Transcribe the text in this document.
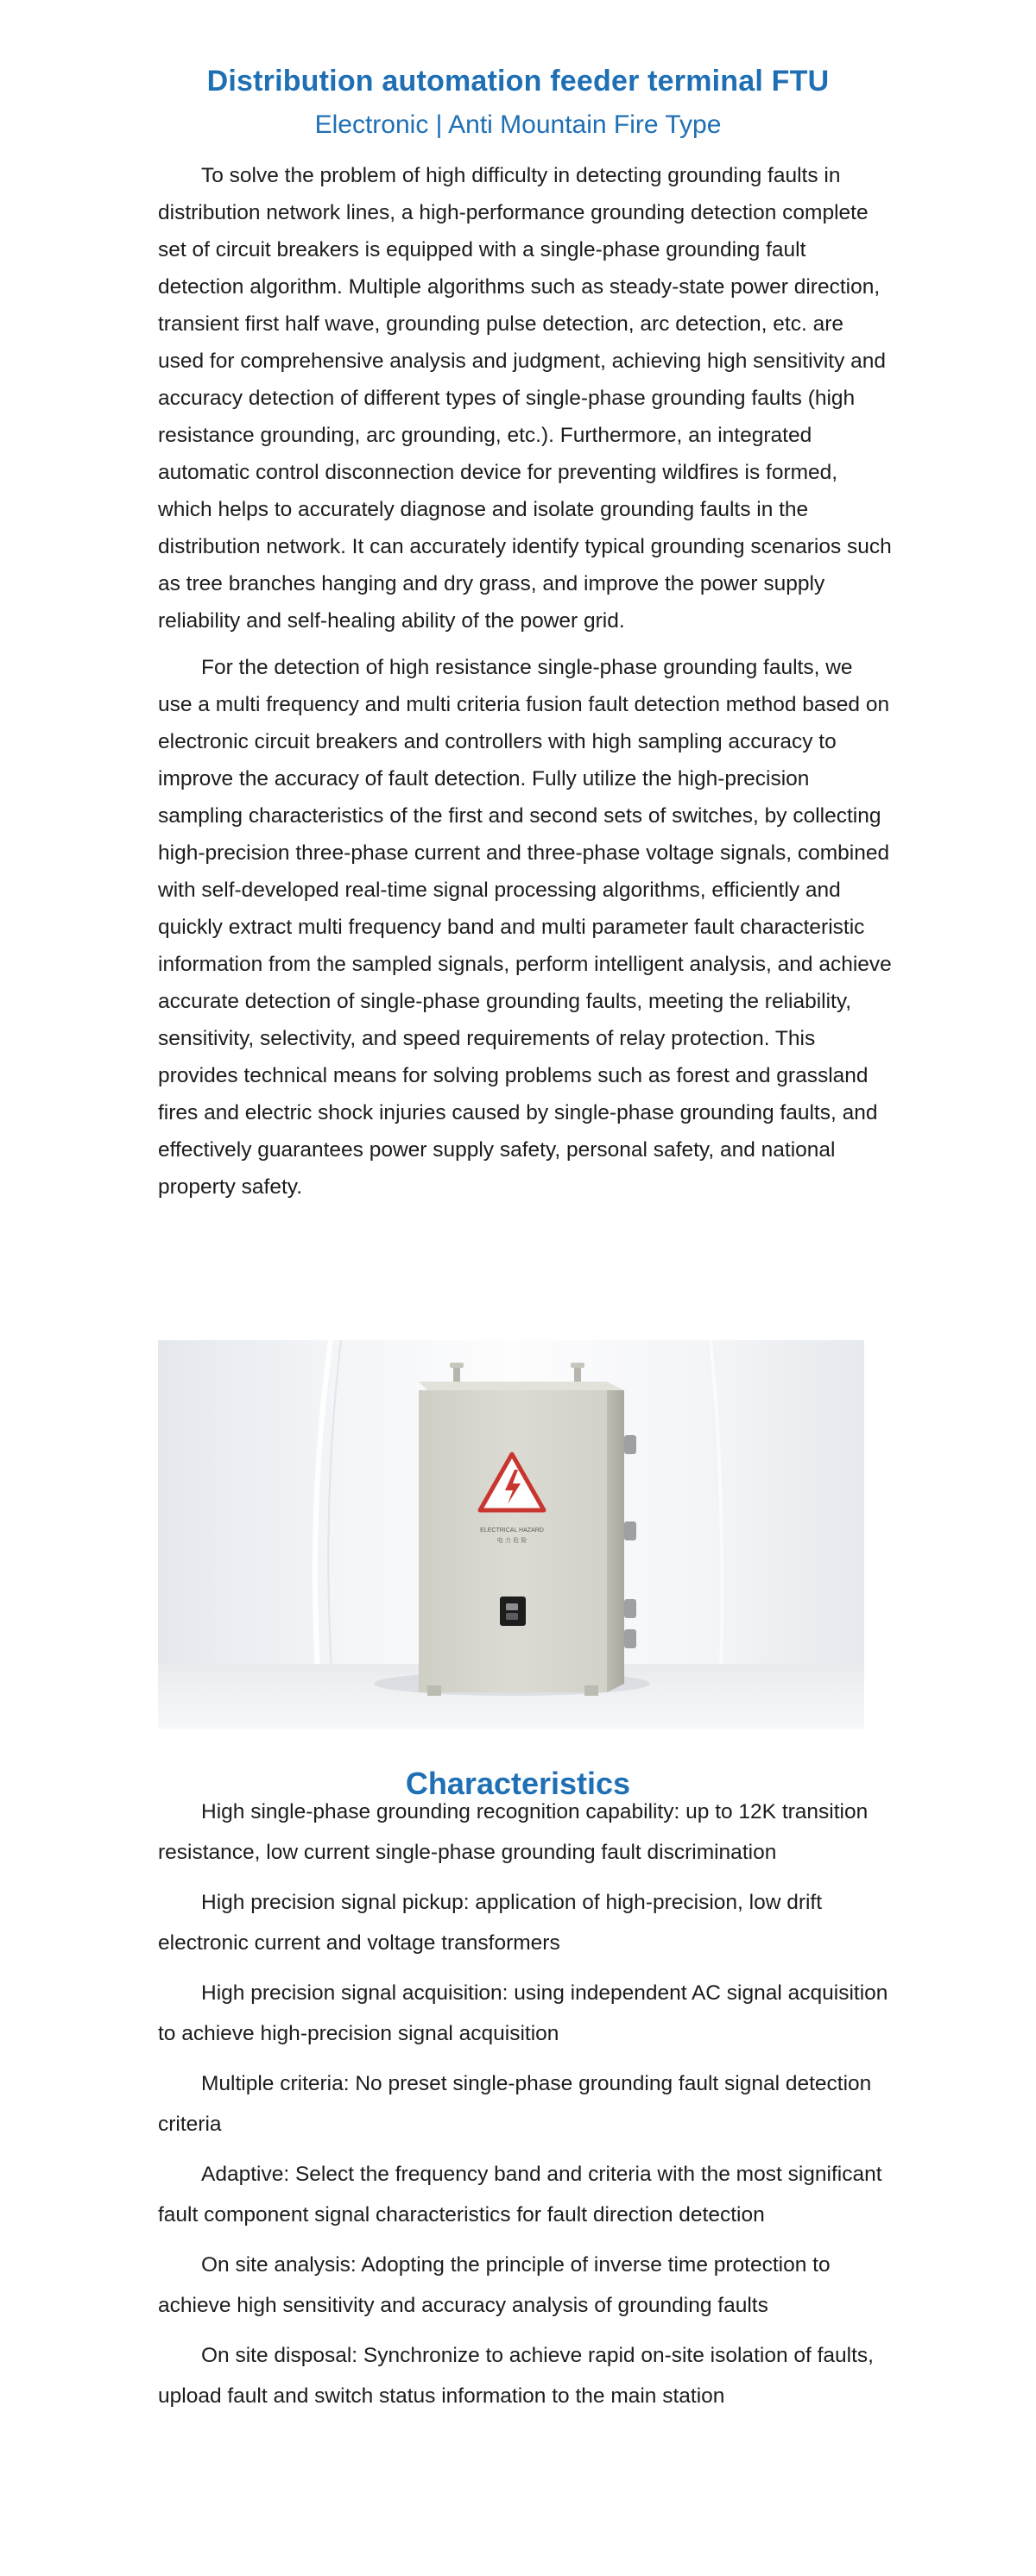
Distribution automation feeder terminal FTU
Electronic | Anti Mountain Fire Type

To solve the problem of high difficulty in detecting grounding faults in distribution network lines, a high-performance grounding detection complete set of circuit breakers is equipped with a single-phase grounding fault detection algorithm. Multiple algorithms such as steady-state power direction, transient first half wave, grounding pulse detection, arc detection, etc. are used for comprehensive analysis and judgment, achieving high sensitivity and accuracy detection of different types of single-phase grounding faults (high resistance grounding, arc grounding, etc.). Furthermore, an integrated automatic control disconnection device for preventing wildfires is formed, which helps to accurately diagnose and isolate grounding faults in the distribution network. It can accurately identify typical grounding scenarios such as tree branches hanging and dry grass, and improve the power supply reliability and self-healing ability of the power grid.

For the detection of high resistance single-phase grounding faults, we use a multi frequency and multi criteria fusion fault detection method based on electronic circuit breakers and controllers with high sampling accuracy to improve the accuracy of fault detection. Fully utilize the high-precision sampling characteristics of the first and second sets of switches, by collecting high-precision three-phase current and three-phase voltage signals, combined with self-developed real-time signal processing algorithms, efficiently and quickly extract multi frequency band and multi parameter fault characteristic information from the sampled signals, perform intelligent analysis, and achieve accurate detection of single-phase grounding faults, meeting the reliability, sensitivity, selectivity, and speed requirements of relay protection. This provides technical means for solving problems such as forest and grassland fires and electric shock injuries caused by single-phase grounding faults, and effectively guarantees power supply safety, personal safety, and national property safety.

ELECTRICAL HAZARD
电 力 危 险
Characteristics

High single-phase grounding recognition capability: up to 12K transition resistance, low current single-phase grounding fault discrimination

High precision signal pickup: application of high-precision, low drift electronic current and voltage transformers

High precision signal acquisition: using independent AC signal acquisition to achieve high-precision signal acquisition

Multiple criteria: No preset single-phase grounding fault signal detection criteria

Adaptive: Select the frequency band and criteria with the most significant fault component signal characteristics for fault direction detection

On site analysis: Adopting the principle of inverse time protection to achieve high sensitivity and accuracy analysis of grounding faults

On site disposal: Synchronize to achieve rapid on-site isolation of faults, upload fault and switch status information to the main station
